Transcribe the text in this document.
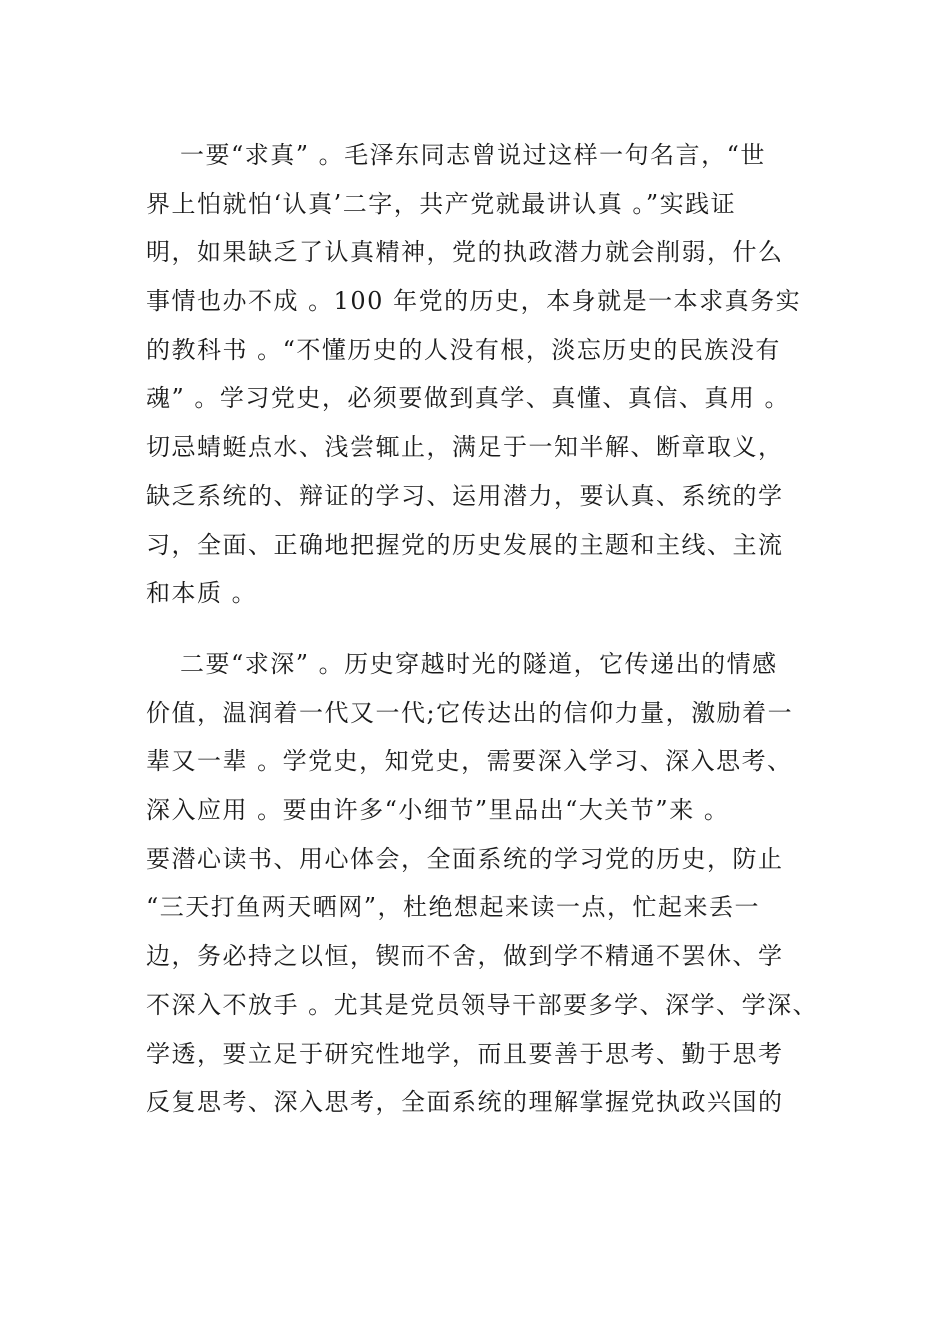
一要“求真” 。毛泽东同志曾说过这样一句名言，“世
界上怕就怕‘认真’二字，共产党就最讲认真 。”实践证
明，如果缺乏了认真精神，党的执政潜力就会削弱，什么
事情也办不成 。100 年党的历史，本身就是一本求真务实
的教科书 。“不懂历史的人没有根，淡忘历史的民族没有
魂” 。学习党史，必须要做到真学、真懂、真信、真用 。
切忌蜻蜓点水、浅尝辄止，满足于一知半解、断章取义，
缺乏系统的、辩证的学习、运用潜力，要认真、系统的学
习，全面、正确地把握党的历史发展的主题和主线、主流
和本质 。
二要“求深” 。历史穿越时光的隧道，它传递出的情感
价值，温润着一代又一代;它传达出的信仰力量，激励着一
辈又一辈 。学党史，知党史，需要深入学习、深入思考、
深入应用 。要由许多“小细节”里品出“大关节”来 。
要潜心读书、用心体会，全面系统的学习党的历史，防止
“三天打鱼两天晒网”，杜绝想起来读一点，忙起来丢一
边，务必持之以恒，锲而不舍，做到学不精通不罢休、学
不深入不放手 。尤其是党员领导干部要多学、深学、学深、
学透，要立足于研究性地学，而且要善于思考、勤于思考
反复思考、深入思考，全面系统的理解掌握党执政兴国的
